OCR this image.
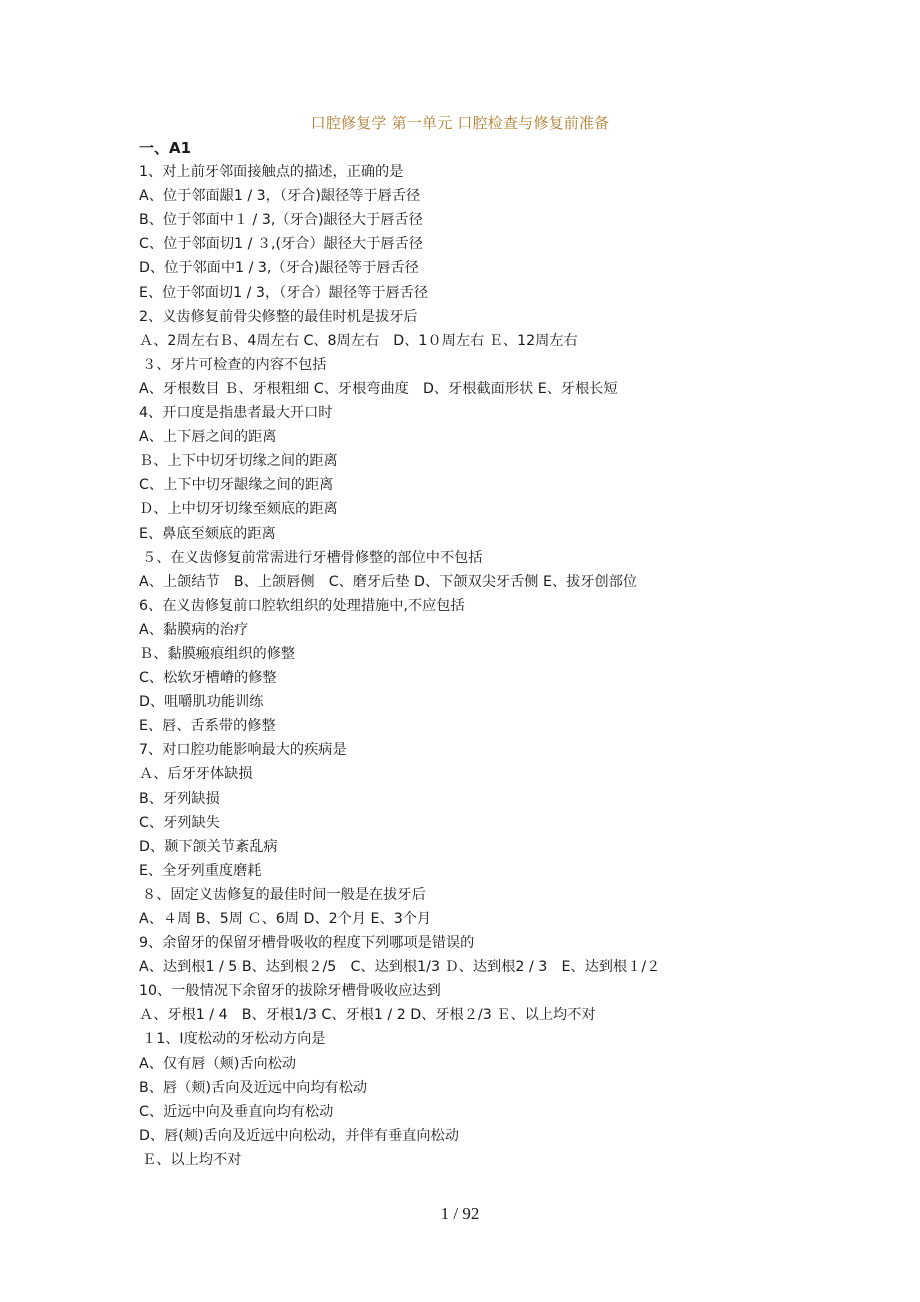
口腔修复学 第一单元 口腔检查与修复前准备
一、A1
1、对上前牙邻面接触点的描述，正确的是
A、位于邻面龈1 / 3，（牙合)龈径等于唇舌径
B、位于邻面中１ / 3,（牙合)龈径大于唇舌径
C、位于邻面切1 / ３,(牙合）龈径大于唇舌径
D、位于邻面中1 / 3,（牙合)龈径等于唇舌径
E、位于邻面切1 / 3，（牙合）龈径等于唇舌径
2、义齿修复前骨尖修整的最佳时机是拔牙后
Ａ、2周左右Ｂ、4周左右 C、8周左右　D、1０周左右 Ｅ、12周左右
３、牙片可检查的内容不包括
A、牙根数目 Ｂ、牙根粗细 C、牙根弯曲度　D、牙根截面形状 E、牙根长短
4、开口度是指患者最大开口时
A、上下唇之间的距离
Ｂ、上下中切牙切缘之间的距离
C、上下中切牙龈缘之间的距离
Ｄ、上中切牙切缘至颏底的距离
E、鼻底至颏底的距离
５、在义齿修复前常需进行牙槽骨修整的部位中不包括
A、上颌结节　B、上颌唇侧　C、磨牙后垫 D、下颌双尖牙舌侧 E、拔牙创部位
6、在义齿修复前口腔软组织的处理措施中,不应包括
A、黏膜病的治疗
Ｂ、黏膜瘢痕组织的修整
C、松软牙槽嵴的修整
D、咀嚼肌功能训练
E、唇、舌系带的修整
7、对口腔功能影响最大的疾病是
Ａ、后牙牙体缺损
B、牙列缺损
C、牙列缺失
D、颞下颌关节紊乱病
E、全牙列重度磨耗
８、固定义齿修复的最佳时间一般是在拔牙后
A、４周 B、5周 Ｃ、6周 D、2个月 E、3个月
9、余留牙的保留牙槽骨吸收的程度下列哪项是错误的
A、达到根1 / 5 B、达到根２/5　C、达到根1/3 Ｄ、达到根2 / 3　E、达到根１/２
10、一般情况下余留牙的拔除牙槽骨吸收应达到
Ａ、牙根1 / 4　B、牙根1/3 C、牙根1 / 2 D、牙根２/3 Ｅ、以上均不对
１1、Ⅰ度松动的牙松动方向是
A、仅有唇（颊)舌向松动
B、唇（颊)舌向及近远中向均有松动
C、近远中向及垂直向均有松动
D、唇(颊)舌向及近远中向松动，并伴有垂直向松动
Ｅ、以上均不对
1 / 92
